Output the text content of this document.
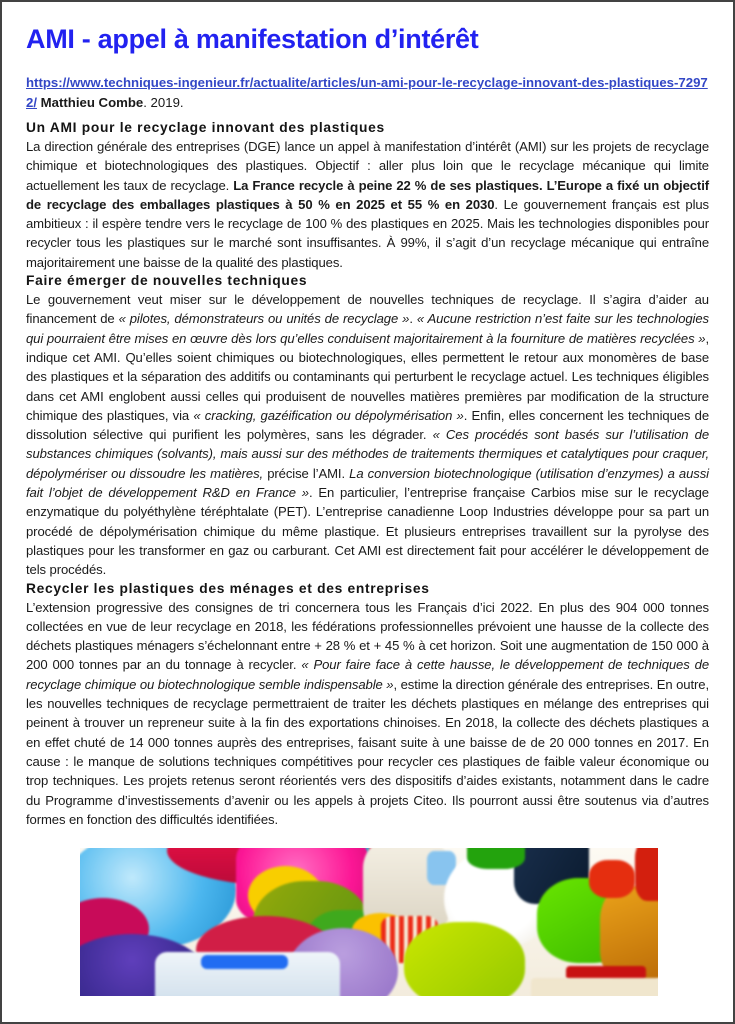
AMI - appel à manifestation d’intérêt

https://www.techniques-ingenieur.fr/actualite/articles/un-ami-pour-le-recyclage-innovant-des-plastiques-72972/ Matthieu Combe. 2019.

Un AMI pour le recyclage innovant des plastiques

La direction générale des entreprises (DGE) lance un appel à manifestation d’intérêt (AMI) sur les projets de recyclage chimique et biotechnologiques des plastiques. Objectif : aller plus loin que le recyclage mécanique qui limite actuellement les taux de recyclage. La France recycle à peine 22 % de ses plastiques. L’Europe a fixé un objectif de recyclage des emballages plastiques à 50 % en 2025 et 55 % en 2030. Le gouvernement français est plus ambitieux : il espère tendre vers le recyclage de 100 % des plastiques en 2025. Mais les technologies disponibles pour recycler tous les plastiques sur le marché sont insuffisantes. À 99%, il s’agit d’un recyclage mécanique qui entraîne majoritairement une baisse de la qualité des plastiques.

Faire émerger de nouvelles techniques

Le gouvernement veut miser sur le développement de nouvelles techniques de recyclage. Il s’agira d’aider au financement de « pilotes, démonstrateurs ou unités de recyclage ». « Aucune restriction n’est faite sur les technologies qui pourraient être mises en œuvre dès lors qu’elles conduisent majoritairement à la fourniture de matières recyclées », indique cet AMI. Qu’elles soient chimiques ou biotechnologiques, elles permettent le retour aux monomères de base des plastiques et la séparation des additifs ou contaminants qui perturbent le recyclage actuel. Les techniques éligibles dans cet AMI englobent aussi celles qui produisent de nouvelles matières premières par modification de la structure chimique des plastiques, via « cracking, gazéification ou dépolymérisation ». Enfin, elles concernent les techniques de dissolution sélective qui purifient les polymères, sans les dégrader. « Ces procédés sont basés sur l’utilisation de substances chimiques (solvants), mais aussi sur des méthodes de traitements thermiques et catalytiques pour craquer, dépolymériser ou dissoudre les matières, précise l’AMI. La conversion biotechnologique (utilisation d’enzymes) a aussi fait l’objet de développement R&D en France ». En particulier, l’entreprise française Carbios mise sur le recyclage enzymatique du polyéthylène téréphtalate (PET). L’entreprise canadienne Loop Industries développe pour sa part un procédé de dépolymérisation chimique du même plastique. Et plusieurs entreprises travaillent sur la pyrolyse des plastiques pour les transformer en gaz ou carburant. Cet AMI est directement fait pour accélérer le développement de tels procédés.

Recycler les plastiques des ménages et des entreprises

L’extension progressive des consignes de tri concernera tous les Français d’ici 2022. En plus des 904 000 tonnes collectées en vue de leur recyclage en 2018, les fédérations professionnelles prévoient une hausse de la collecte des déchets plastiques ménagers s’échelonnant entre + 28 % et + 45 % à cet horizon. Soit une augmentation de 150 000 à 200 000 tonnes par an du tonnage à recycler. « Pour faire face à cette hausse, le développement de techniques de recyclage chimique ou biotechnologique semble indispensable », estime la direction générale des entreprises. En outre, les nouvelles techniques de recyclage permettraient de traiter les déchets plastiques en mélange des entreprises qui peinent à trouver un repreneur suite à la fin des exportations chinoises. En 2018, la collecte des déchets plastiques a en effet chuté de 14 000 tonnes auprès des entreprises, faisant suite à une baisse de de 20 000 tonnes en 2017. En cause : le manque de solutions techniques compétitives pour recycler ces plastiques de faible valeur économique ou trop techniques. Les projets retenus seront réorientés vers des dispositifs d’aides existants, notamment dans le cadre du Programme d’investissements d’avenir ou les appels à projets Citeo. Ils pourront aussi être soutenus via d’autres formes en fonction des difficultés identifiées.
